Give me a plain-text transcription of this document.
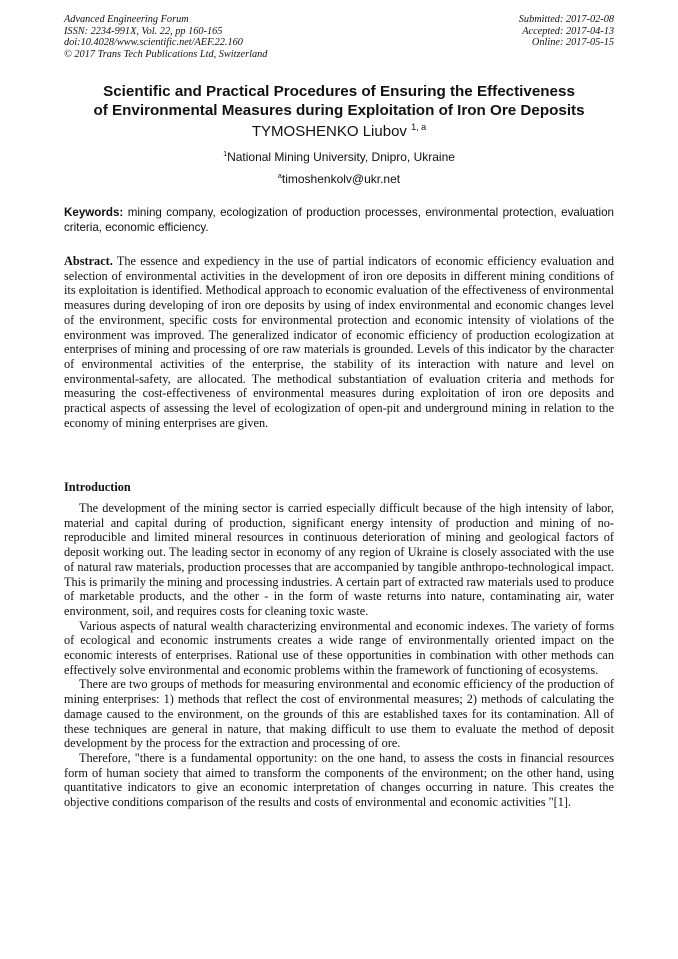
Advanced Engineering Forum
ISSN: 2234-991X, Vol. 22, pp 160-165
doi:10.4028/www.scientific.net/AEF.22.160
© 2017 Trans Tech Publications Ltd, Switzerland
Submitted: 2017-02-08
Accepted: 2017-04-13
Online: 2017-05-15
Scientific and Practical Procedures of Ensuring the Effectiveness
of Environmental Measures during Exploitation of Iron Ore Deposits
TYMOSHENKO Liubov $^{1, a}$
$^1$National Mining University, Dnipro, Ukraine
$^a$timoshenkolv@ukr.net
Keywords: mining company, ecologization of production processes, environmental protection, evaluation criteria, economic efficiency.
Abstract. The essence and expediency in the use of partial indicators of economic efficiency evaluation and selection of environmental activities in the development of iron ore deposits in different mining conditions of its exploitation is identified. Methodical approach to economic evaluation of the effectiveness of environmental measures during developing of iron ore deposits by using of index environmental and economic changes level of the environment, specific costs for environmental protection and economic intensity of violations of the environment was improved. The generalized indicator of economic efficiency of production ecologization at enterprises of mining and processing of ore raw materials is grounded. Levels of this indicator by the character of environmental activities of the enterprise, the stability of its interaction with nature and level on environmental-safety, are allocated. The methodical substantiation of evaluation criteria and methods for measuring the cost-effectiveness of environmental measures during exploitation of iron ore deposits and practical aspects of assessing the level of ecologization of open-pit and underground mining in relation to the economy of mining enterprises are given.
Introduction

The development of the mining sector is carried especially difficult because of the high intensity of labor, material and capital during of production, significant energy intensity of production and mining of no-reproducible and limited mineral resources in continuous deterioration of mining and geological factors of deposit working out. The leading sector in economy of any region of Ukraine is closely associated with the use of natural raw materials, production processes that are accompanied by tangible anthropo-technological impact. This is primarily the mining and processing industries. A certain part of extracted raw materials used to produce of marketable products, and the other - in the form of waste returns into nature, contaminating air, water environment, soil, and requires costs for cleaning toxic waste.

Various aspects of natural wealth characterizing environmental and economic indexes. The variety of forms of ecological and economic instruments creates a wide range of environmentally oriented impact on the economic interests of enterprises. Rational use of these opportunities in combination with other methods can effectively solve environmental and economic problems within the framework of functioning of ecosystems.

There are two groups of methods for measuring environmental and economic efficiency of the production of mining enterprises: 1) methods that reflect the cost of environmental measures; 2) methods of calculating the damage caused to the environment, on the grounds of this are established taxes for its contamination. All of these techniques are general in nature, that making difficult to use them to evaluate the method of deposit development by the process for the extraction and processing of ore.

Therefore, "there is a fundamental opportunity: on the one hand, to assess the costs in financial resources form of human society that aimed to transform the components of the environment; on the other hand, using quantitative indicators to give an economic interpretation of changes occurring in nature. This creates the objective conditions comparison of the results and costs of environmental and economic activities "[1].
